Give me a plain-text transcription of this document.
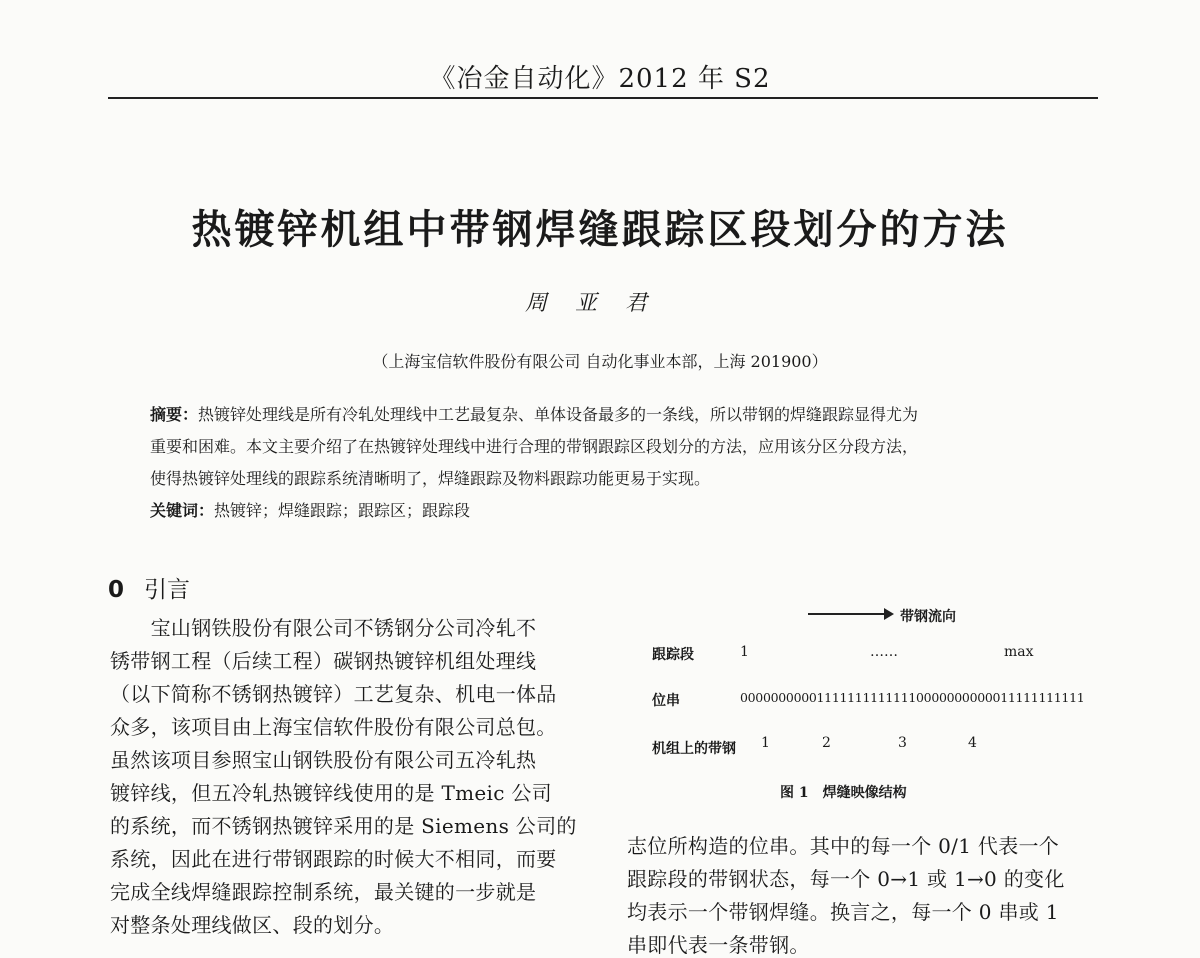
《冶金自动化》2012 年 S2
热镀锌机组中带钢焊缝跟踪区段划分的方法
周亚君
（上海宝信软件股份有限公司 自动化事业本部，上海 201900）
摘要：热镀锌处理线是所有冷轧处理线中工艺最复杂、单体设备最多的一条线，所以带钢的焊缝跟踪显得尤为
重要和困难。本文主要介绍了在热镀锌处理线中进行合理的带钢跟踪区段划分的方法，应用该分区分段方法，
使得热镀锌处理线的跟踪系统清晰明了，焊缝跟踪及物料跟踪功能更易于实现。
关键词：热镀锌；焊缝跟踪；跟踪区；跟踪段
0 引言
　　宝山钢铁股份有限公司不锈钢分公司冷轧不
锈带钢工程（后续工程）碳钢热镀锌机组处理线
（以下简称不锈钢热镀锌）工艺复杂、机电一体品
众多，该项目由上海宝信软件股份有限公司总包。
虽然该项目参照宝山钢铁股份有限公司五冷轧热
镀锌线，但五冷轧热镀锌线使用的是 Tmeic 公司
的系统，而不锈钢热镀锌采用的是 Siemens 公司的
系统，因此在进行带钢跟踪的时候大不相同，而要
完成全线焊缝跟踪控制系统，最关键的一步就是
对整条处理线做区、段的划分。
带钢流向
跟踪段	1	……	max
位串	000000000011111111111110000000000011111111111
机组上的带钢 1	2	3	4
图 1　焊缝映像结构
志位所构造的位串。其中的每一个 0/1 代表一个
跟踪段的带钢状态，每一个 0→1 或 1→0 的变化
均表示一个带钢焊缝。换言之，每一个 0 串或 1
串即代表一条带钢。
